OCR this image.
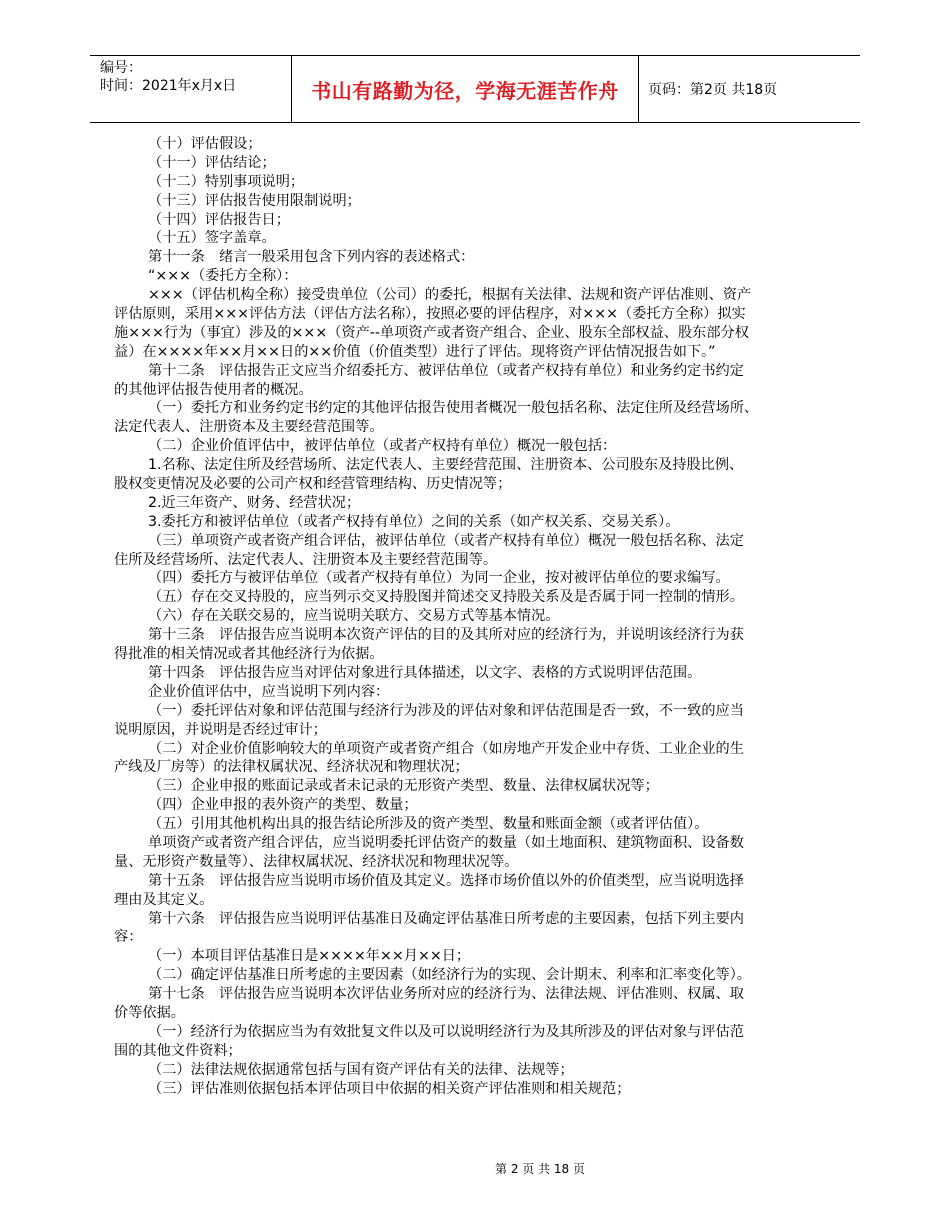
编号：
时间：2021年x月x日	书山有路勤为径，学海无涯苦作舟 页码：第2页 共18页

（十）评估假设；

（十一）评估结论；

（十二）特别事项说明；

（十三）评估报告使用限制说明；

（十四）评估报告日；

（十五）签字盖章。

第十一条　绪言一般采用包含下列内容的表述格式：

“×××（委托方全称）：

×××（评估机构全称）接受贵单位（公司）的委托，根据有关法律、法规和资产评估准则、资产

评估原则，采用×××评估方法（评估方法名称），按照必要的评估程序，对×××（委托方全称）拟实

施×××行为（事宜）涉及的×××（资产--单项资产或者资产组合、企业、股东全部权益、股东部分权

益）在××××年××月××日的××价值（价值类型）进行了评估。现将资产评估情况报告如下。”

第十二条　评估报告正文应当介绍委托方、被评估单位（或者产权持有单位）和业务约定书约定

的其他评估报告使用者的概况。

（一）委托方和业务约定书约定的其他评估报告使用者概况一般包括名称、法定住所及经营场所、

法定代表人、注册资本及主要经营范围等。

（二）企业价值评估中，被评估单位（或者产权持有单位）概况一般包括：

1.名称、法定住所及经营场所、法定代表人、主要经营范围、注册资本、公司股东及持股比例、

股权变更情况及必要的公司产权和经营管理结构、历史情况等；

2.近三年资产、财务、经营状况；

3.委托方和被评估单位（或者产权持有单位）之间的关系（如产权关系、交易关系）。

（三）单项资产或者资产组合评估，被评估单位（或者产权持有单位）概况一般包括名称、法定

住所及经营场所、法定代表人、注册资本及主要经营范围等。

（四）委托方与被评估单位（或者产权持有单位）为同一企业，按对被评估单位的要求编写。

（五）存在交叉持股的，应当列示交叉持股图并简述交叉持股关系及是否属于同一控制的情形。

（六）存在关联交易的，应当说明关联方、交易方式等基本情况。

第十三条　评估报告应当说明本次资产评估的目的及其所对应的经济行为，并说明该经济行为获

得批准的相关情况或者其他经济行为依据。

第十四条　评估报告应当对评估对象进行具体描述，以文字、表格的方式说明评估范围。

企业价值评估中，应当说明下列内容：

（一）委托评估对象和评估范围与经济行为涉及的评估对象和评估范围是否一致，不一致的应当

说明原因，并说明是否经过审计；

（二）对企业价值影响较大的单项资产或者资产组合（如房地产开发企业中存货、工业企业的生

产线及厂房等）的法律权属状况、经济状况和物理状况；

（三）企业申报的账面记录或者未记录的无形资产类型、数量、法律权属状况等；

（四）企业申报的表外资产的类型、数量；

（五）引用其他机构出具的报告结论所涉及的资产类型、数量和账面金额（或者评估值）。

单项资产或者资产组合评估，应当说明委托评估资产的数量（如土地面积、建筑物面积、设备数

量、无形资产数量等）、法律权属状况、经济状况和物理状况等。

第十五条　评估报告应当说明市场价值及其定义。选择市场价值以外的价值类型，应当说明选择

理由及其定义。

第十六条　评估报告应当说明评估基准日及确定评估基准日所考虑的主要因素，包括下列主要内

容：

（一）本项目评估基准日是××××年××月××日；

（二）确定评估基准日所考虑的主要因素（如经济行为的实现、会计期末、利率和汇率变化等）。

第十七条　评估报告应当说明本次评估业务所对应的经济行为、法律法规、评估准则、权属、取

价等依据。

（一）经济行为依据应当为有效批复文件以及可以说明经济行为及其所涉及的评估对象与评估范

围的其他文件资料；

（二）法律法规依据通常包括与国有资产评估有关的法律、法规等；

（三）评估准则依据包括本评估项目中依据的相关资产评估准则和相关规范；

第 2 页 共 18 页
